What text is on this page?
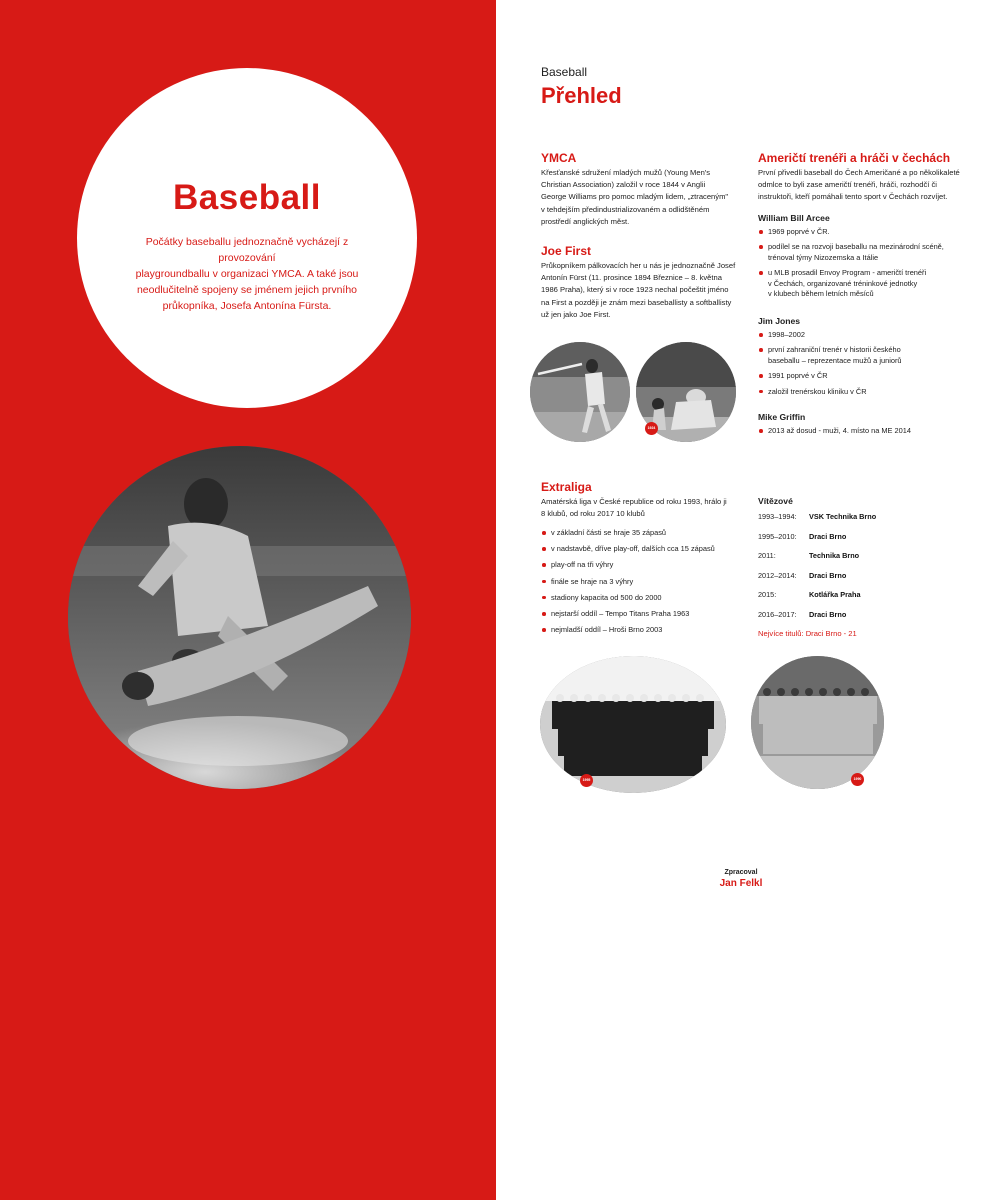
Baseball
Počátky baseballu jednoznačně vycházejí z provozování
playgroundballu v organizaci YMCA. A také jsou
neodlučitelně spojeny se jménem jejich prvního
průkopníka, Josefa Antonína Fürsta.
Baseball
Přehled
YMCA
Křesťanské sdružení mladých mužů (Young Men's
Christian Association) založil v roce 1844 v Anglii
George Williams pro pomoc mladým lidem, „ztraceným"
v tehdejším předindustrializovaném a odlidštěném
prostředí anglických měst.
Joe First
Průkopníkem pálkovacích her u nás je jednoznačně Josef
Antonín Fürst (11. prosince 1894 Březnice – 8. května
1986 Praha), který si v roce 1923 nechal počeštit jméno
na First a později je znám mezi baseballisty a softballisty
už jen jako Joe First.
1924
Američtí trenéři a hráči v čechách
První přivedli baseball do Čech Američané a po několikaleté
odmlce to byli zase američtí trenéři, hráči, rozhodčí či
instruktoři, kteří pomáhali tento sport v Čechách rozvíjet.
William Bill Arcee
1969 poprvé v ČR.
podílel se na rozvoji baseballu na mezinárodní scéně,
trénoval týmy Nizozemska a Itálie
u MLB prosadil Envoy Program - američtí trenéři
v Čechách, organizované tréninkové jednotky
v klubech během letních měsíců
Jim Jones
1998–2002
první zahraniční trenér v historii českého
baseballu – reprezentace mužů a juniorů
1991 poprvé v ČR
založil trenérskou kliniku v ČR
Mike Griffin
2013 až dosud - muži, 4. místo na ME 2014
Extraliga
Amatérská liga v České republice od roku 1993, hrálo ji
8 klubů, od roku 2017 10 klubů
v základní části se hraje 35 zápasů
v nadstavbě, dříve play-off, dalších cca 15 zápasů
play-off na tři výhry
finále se hraje na 3 výhry
stadiony kapacita od 500 do 2000
nejstarší oddíl – Tempo Titans Praha 1963
nejmladší oddíl – Hroši Brno 2003
Vítězové
1993–1994:	VSK Technika Brno
1995–2010:	Draci Brno
2011:	Technika Brno
2012–2014:	Draci Brno
2015:	Kotlářka Praha
2016–2017:	Draci Brno
Nejvíce titulů: Draci Brno - 21
1995	1990
Zpracoval
Jan Felkl
